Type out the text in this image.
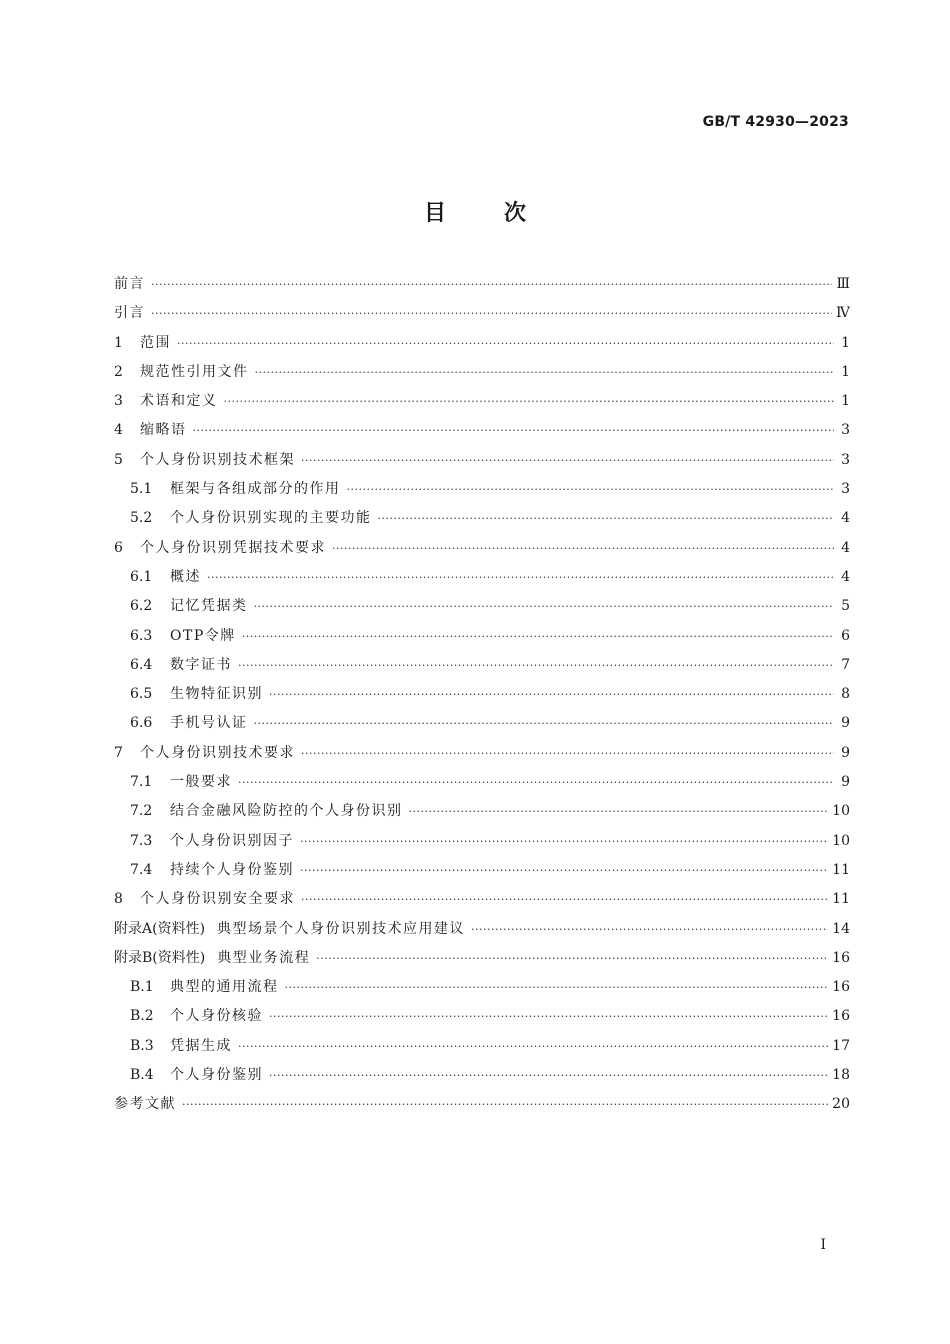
GB/T 42930—2023
目次
前言 ·····	Ⅲ
引言 ·····	Ⅳ
1	范围 ·····	1
2	规范性引用文件 ·····	1
3	术语和定义 ·····	1
4	缩略语 ·····	3
5	个人身份识别技术框架 ·····	3
5.1	框架与各组成部分的作用 ·····	3
5.2	个人身份识别实现的主要功能 ·····	4
6	个人身份识别凭据技术要求 ·····	4
6.1	概述 ·····	4
6.2	记忆凭据类 ·····	5
6.3	OTP令牌 ·····	6
6.4	数字证书 ·····	7
6.5	生物特征识别 ·····	8
6.6	手机号认证 ·····	9
7	个人身份识别技术要求 ·····	9
7.1	一般要求 ·····	9
7.2	结合金融风险防控的个人身份识别 ·····	10
7.3	个人身份识别因子 ·····	10
7.4	持续个人身份鉴别 ·····	11
8	个人身份识别安全要求 ·····	11
附录A(资料性) 典型场景个人身份识别技术应用建议 ·····	14
附录B(资料性) 典型业务流程 ·····	16
B.1	典型的通用流程 ·····	16
B.2	个人身份核验 ·····	16
B.3	凭据生成 ·····	17
B.4	个人身份鉴别 ·····	18
参考文献 ·····	20
I
